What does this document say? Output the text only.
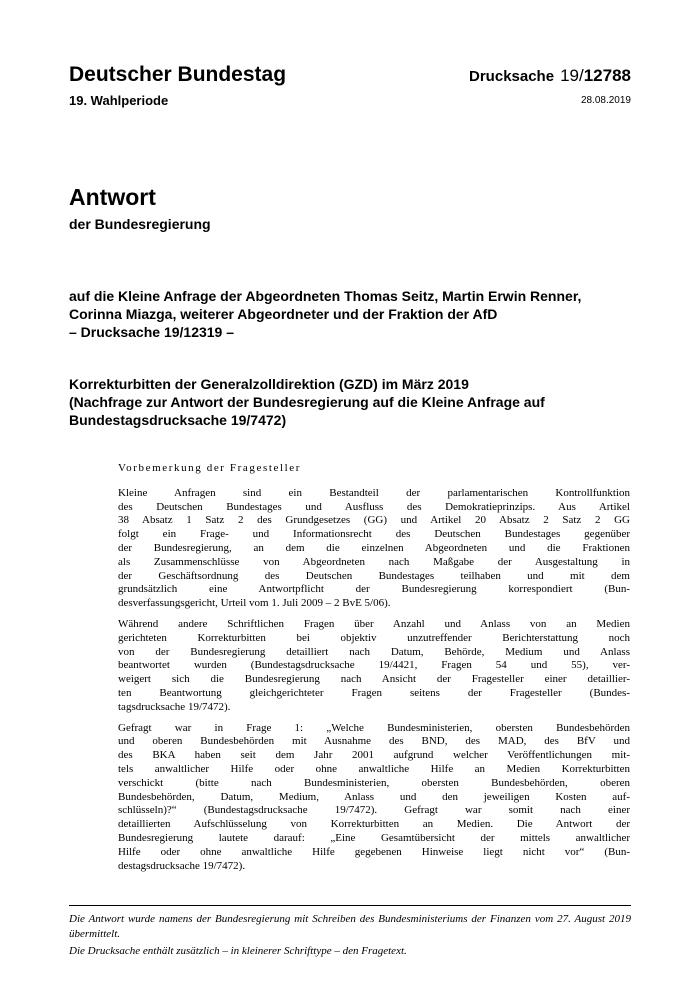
Deutscher Bundestag	Drucksache 19/12788
19. Wahlperiode	28.08.2019
Antwort
der Bundesregierung
auf die Kleine Anfrage der Abgeordneten Thomas Seitz, Martin Erwin Renner,
Corinna Miazga, weiterer Abgeordneter und der Fraktion der AfD
– Drucksache 19/12319 –
Korrekturbitten der Generalzolldirektion (GZD) im März 2019
(Nachfrage zur Antwort der Bundesregierung auf die Kleine Anfrage auf
Bundestagsdrucksache 19/7472)
Vorbemerkung der Fragesteller
Kleine Anfragen sind ein Bestandteil der parlamentarischen Kontrollfunktion
des Deutschen Bundestages und Ausfluss des Demokratieprinzips. Aus Artikel
38 Absatz 1 Satz 2 des Grundgesetzes (GG) und Artikel 20 Absatz 2 Satz 2 GG
folgt ein Frage- und Informationsrecht des Deutschen Bundestages gegenüber
der Bundesregierung, an dem die einzelnen Abgeordneten und die Fraktionen
als Zusammenschlüsse von Abgeordneten nach Maßgabe der Ausgestaltung in
der Geschäftsordnung des Deutschen Bundestages teilhaben und mit dem
grundsätzlich eine Antwortpflicht der Bundesregierung korrespondiert (Bun-
desverfassungsgericht, Urteil vom 1. Juli 2009 – 2 BvE 5/06).
Während andere Schriftlichen Fragen über Anzahl und Anlass von an Medien
gerichteten Korrekturbitten bei objektiv unzutreffender Berichterstattung noch
von der Bundesregierung detailliert nach Datum, Behörde, Medium und Anlass
beantwortet wurden (Bundestagsdrucksache 19/4421, Fragen 54 und 55), ver-
weigert sich die Bundesregierung nach Ansicht der Fragesteller einer detaillier-
ten Beantwortung gleichgerichteter Fragen seitens der Fragesteller (Bundes-
tagsdrucksache 19/7472).
Gefragt war in Frage 1: „Welche Bundesministerien, obersten Bundesbehörden
und oberen Bundesbehörden mit Ausnahme des BND, des MAD, des BfV und
des BKA haben seit dem Jahr 2001 aufgrund welcher Veröffentlichungen mit-
tels anwaltlicher Hilfe oder ohne anwaltliche Hilfe an Medien Korrekturbitten
verschickt (bitte nach Bundesministerien, obersten Bundesbehörden, oberen
Bundesbehörden, Datum, Medium, Anlass und den jeweiligen Kosten auf-
schlüsseln)?“ (Bundestagsdrucksache 19/7472). Gefragt war somit nach einer
detaillierten Aufschlüsselung von Korrekturbitten an Medien. Die Antwort der
Bundesregierung lautete darauf: „Eine Gesamtübersicht der mittels anwaltlicher
Hilfe oder ohne anwaltliche Hilfe gegebenen Hinweise liegt nicht vor“ (Bun-
destagsdrucksache 19/7472).
Die Antwort wurde namens der Bundesregierung mit Schreiben des Bundesministeriums der Finanzen vom 27. August 2019
übermittelt.
Die Drucksache enthält zusätzlich – in kleinerer Schrifttype – den Fragetext.
